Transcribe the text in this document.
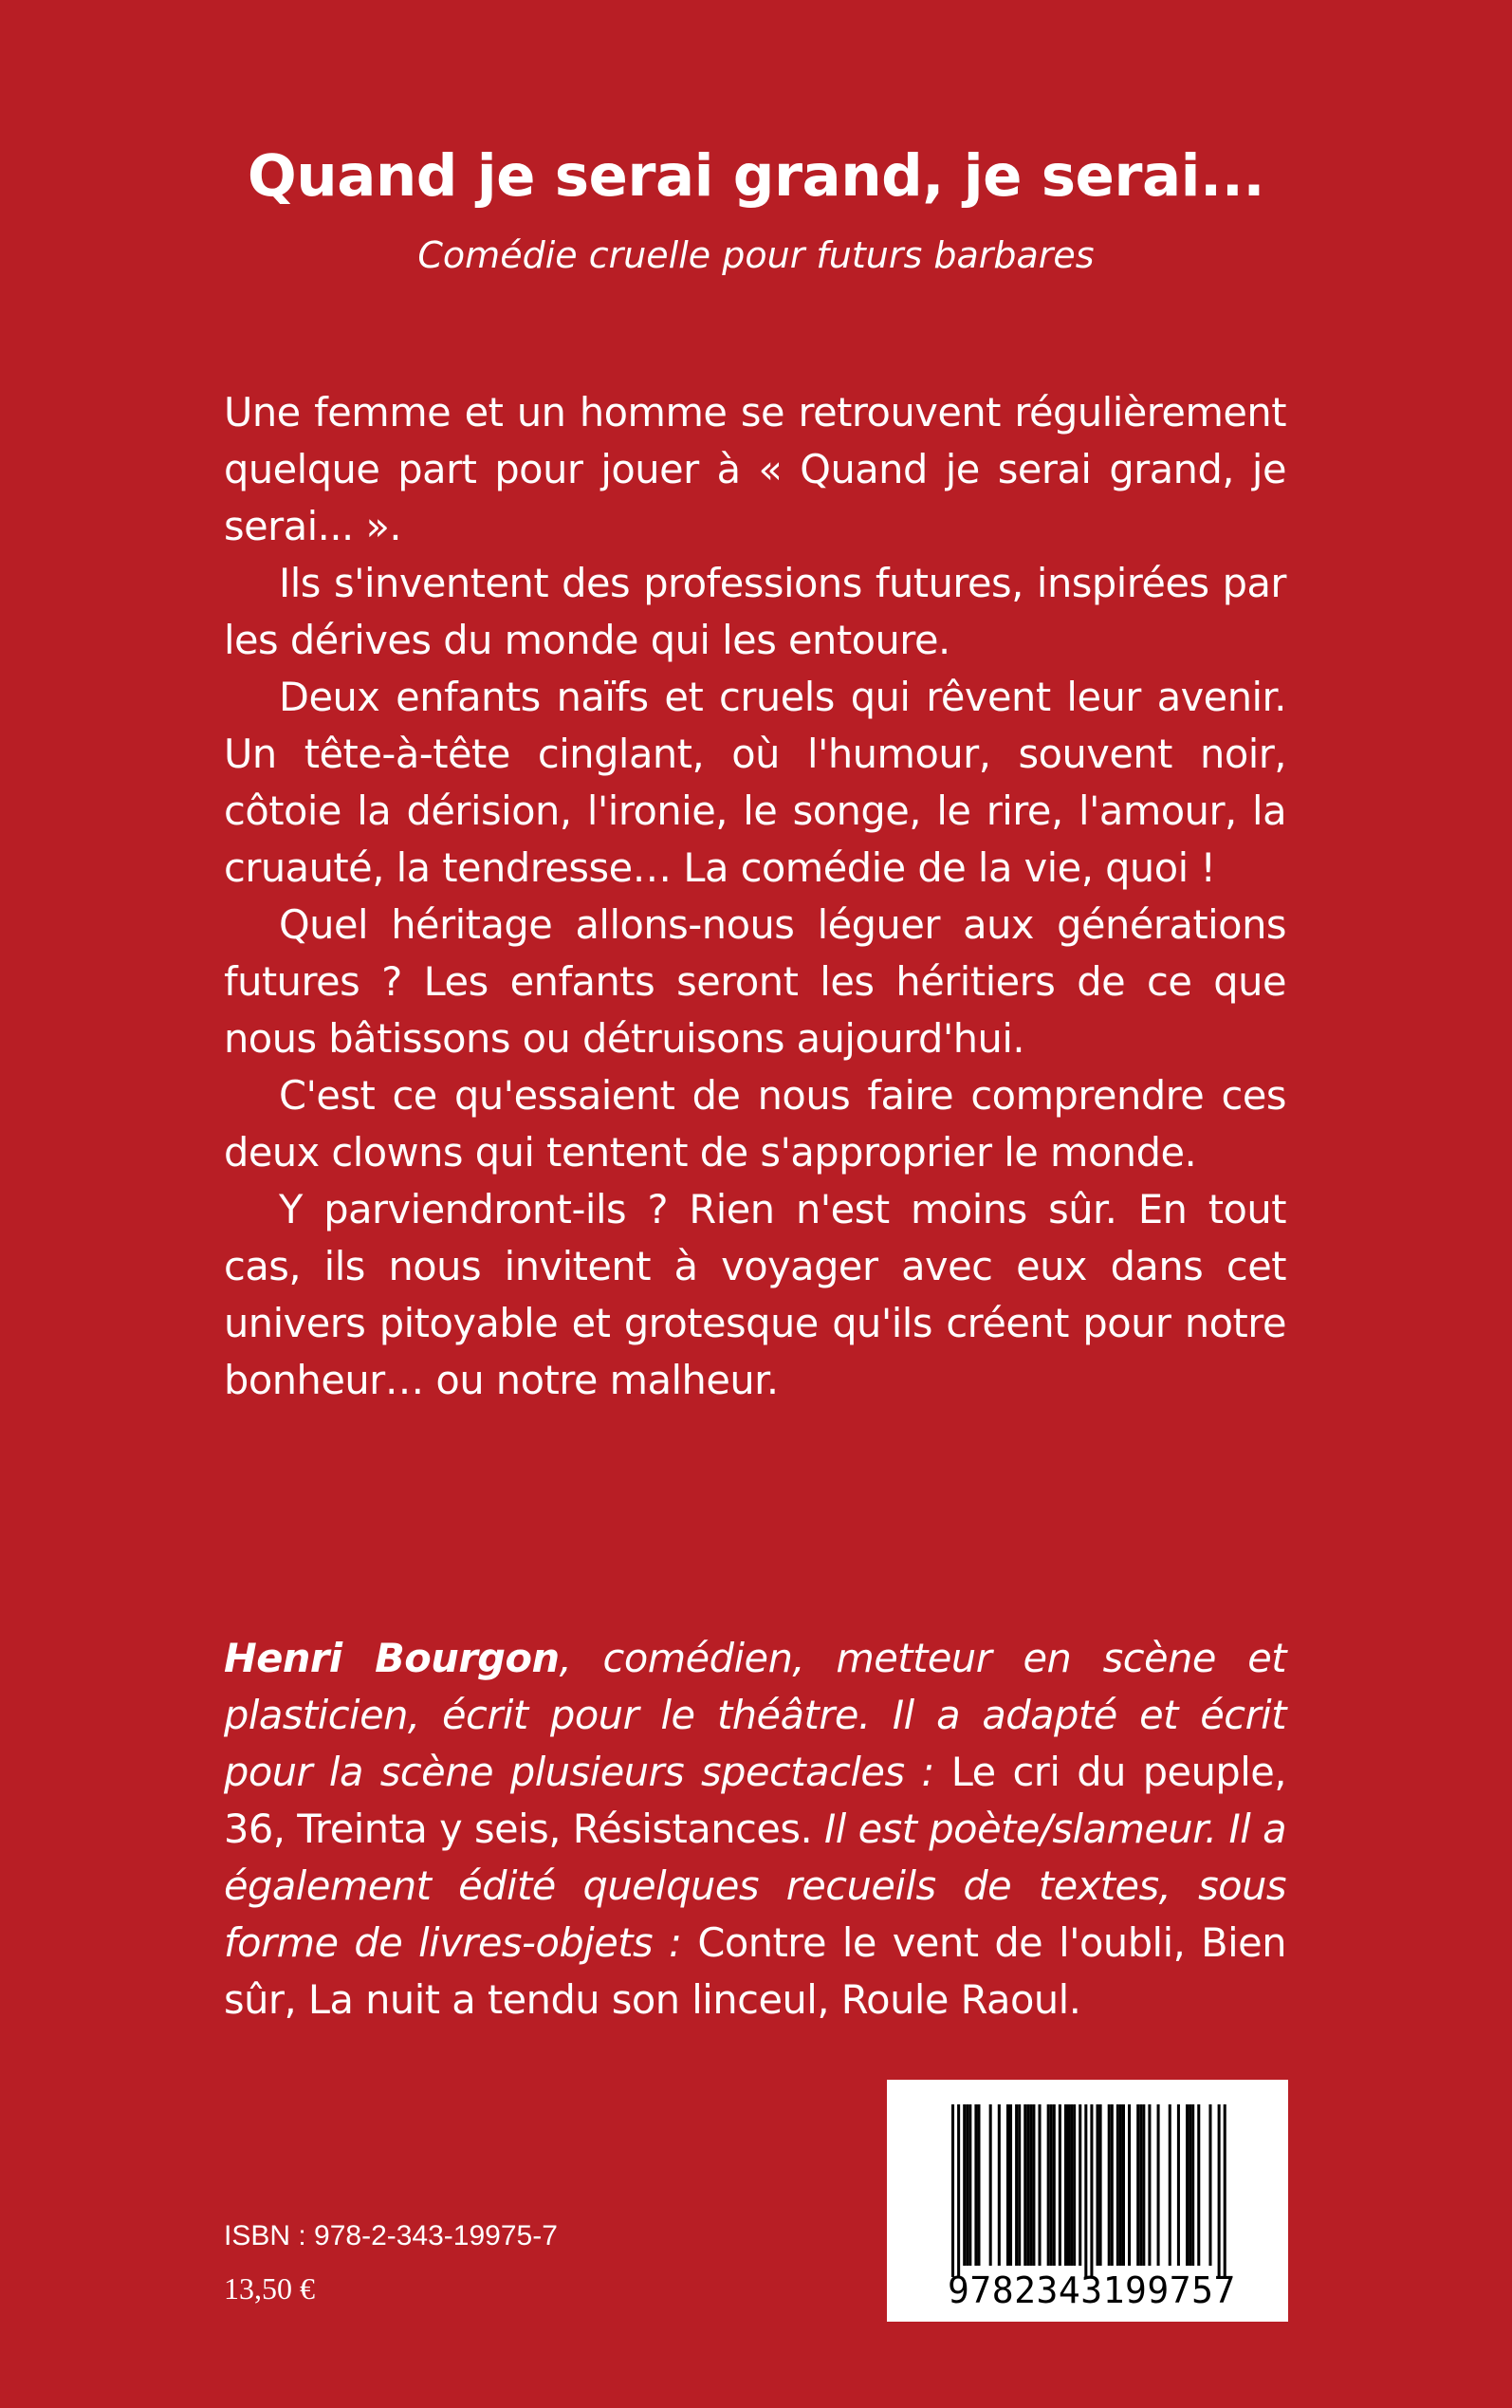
Quand je serai grand, je serai...
Comédie cruelle pour futurs barbares

Une femme et un homme se retrouvent régulièrement quelque part pour jouer à « Quand je serai grand, je serai... ».

Ils s'inventent des professions futures, inspirées par les dérives du monde qui les entoure.

Deux enfants naïfs et cruels qui rêvent leur avenir. Un tête-à-tête cinglant, où l'humour, souvent noir, côtoie la dérision, l'ironie, le songe, le rire, l'amour, la cruauté, la tendresse… La comédie de la vie, quoi !

Quel héritage allons-nous léguer aux générations futures ? Les enfants seront les héritiers de ce que nous bâtissons ou détruisons aujourd'hui.

C'est ce qu'essaient de nous faire comprendre ces deux clowns qui tentent de s'approprier le monde.

Y parviendront-ils ? Rien n'est moins sûr. En tout cas, ils nous invitent à voyager avec eux dans cet univers pitoyable et grotesque qu'ils créent pour notre bonheur… ou notre malheur.

Henri Bourgon, comédien, metteur en scène et plasticien, écrit pour le théâtre. Il a adapté et écrit pour la scène plusieurs spectacles : Le cri du peuple, 36, Treinta y seis, Résistances. Il est poète/slameur. Il a également édité quelques recueils de textes, sous forme de livres-objets : Contre le vent de l'oubli, Bien sûr, La nuit a tendu son linceul, Roule Raoul.

ISBN : 978-2-343-19975-7
13,50 €	9782343199757
